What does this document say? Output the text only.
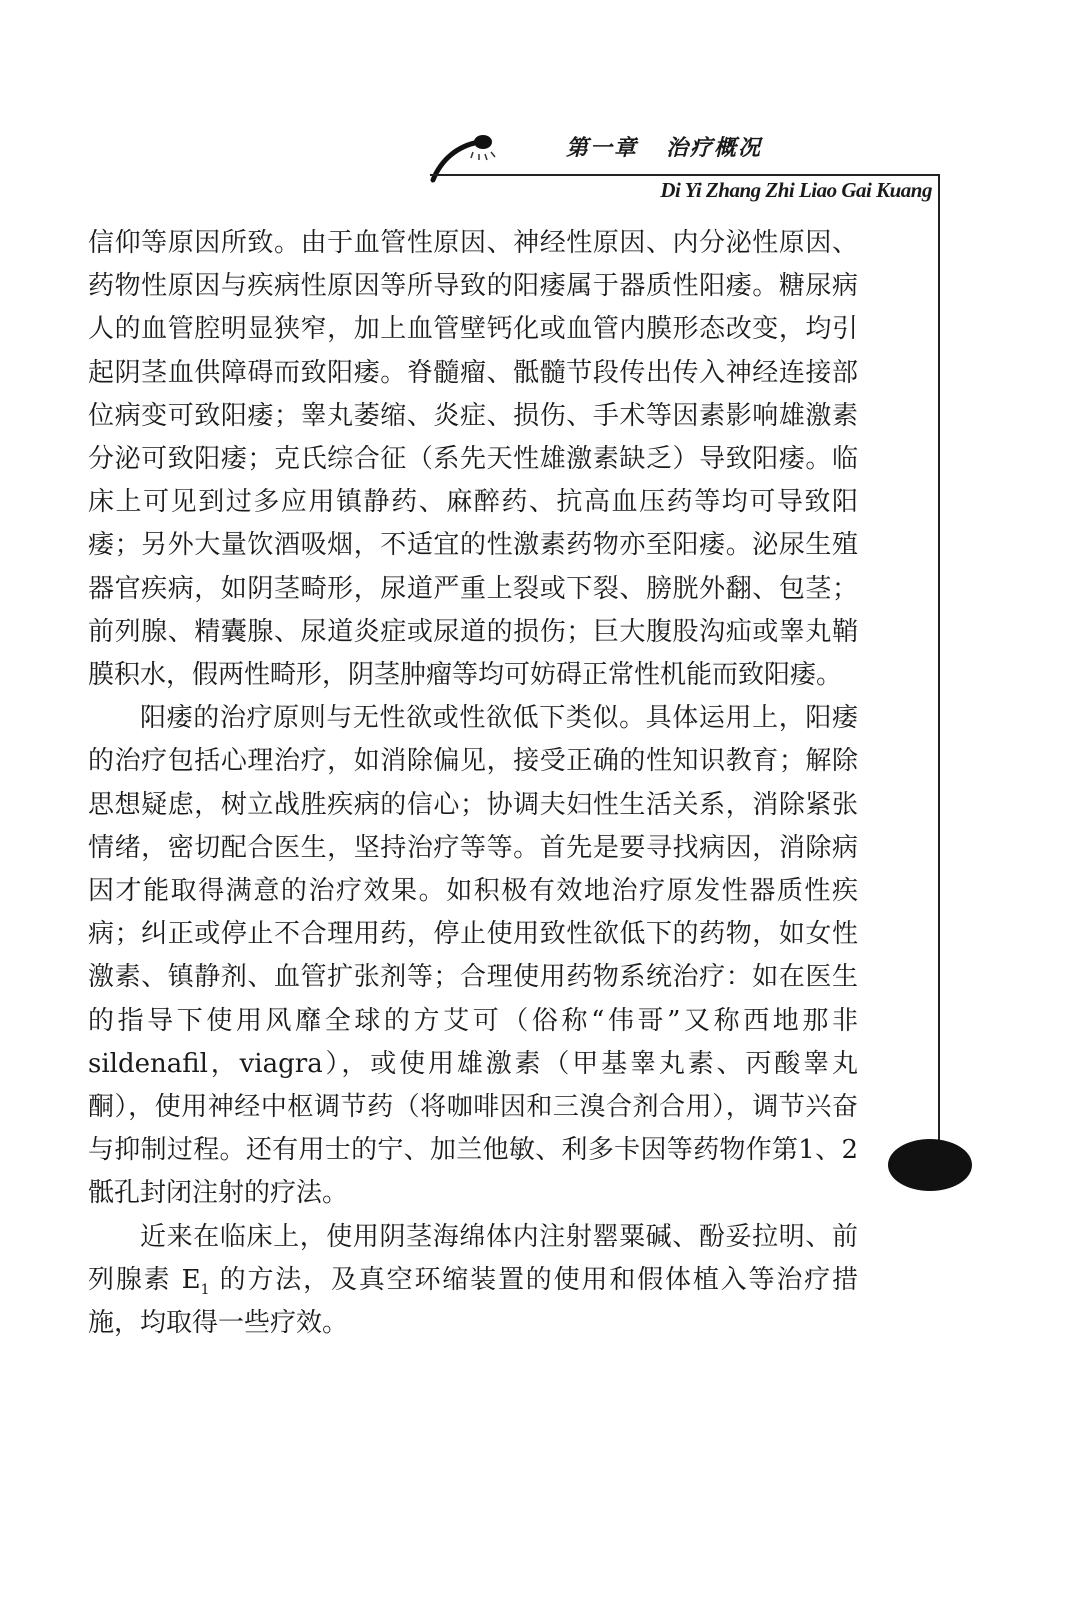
第一章 治疗概况
Di Yi Zhang Zhi Liao Gai Kuang

信仰等原因所致。由于血管性原因、神经性原因、内分泌性原因、药物性原因与疾病性原因等所导致的阳痿属于器质性阳痿。糖尿病人的血管腔明显狭窄，加上血管壁钙化或血管内膜形态改变，均引起阴茎血供障碍而致阳痿。脊髓瘤、骶髓节段传出传入神经连接部位病变可致阳痿；睾丸萎缩、炎症、损伤、手术等因素影响雄激素分泌可致阳痿；克氏综合征（系先天性雄激素缺乏）导致阳痿。临床上可见到过多应用镇静药、麻醉药、抗高血压药等均可导致阳痿；另外大量饮酒吸烟，不适宜的性激素药物亦至阳痿。泌尿生殖器官疾病，如阴茎畸形，尿道严重上裂或下裂、膀胱外翻、包茎；前列腺、精囊腺、尿道炎症或尿道的损伤；巨大腹股沟疝或睾丸鞘膜积水，假两性畸形，阴茎肿瘤等均可妨碍正常性机能而致阳痿。

阳痿的治疗原则与无性欲或性欲低下类似。具体运用上，阳痿的治疗包括心理治疗，如消除偏见，接受正确的性知识教育；解除思想疑虑，树立战胜疾病的信心；协调夫妇性生活关系，消除紧张情绪，密切配合医生，坚持治疗等等。首先是要寻找病因，消除病因才能取得满意的治疗效果。如积极有效地治疗原发性器质性疾病；纠正或停止不合理用药，停止使用致性欲低下的药物，如女性激素、镇静剂、血管扩张剂等；合理使用药物系统治疗：如在医生的指导下使用风靡全球的方艾可（俗称“伟哥”又称西地那非 sildenafil，viagra），或使用雄激素（甲基睾丸素、丙酸睾丸酮），使用神经中枢调节药（将咖啡因和三溴合剂合用），调节兴奋与抑制过程。还有用士的宁、加兰他敏、利多卡因等药物作第1、2骶孔封闭注射的疗法。

近来在临床上，使用阴茎海绵体内注射罂粟碱、酚妥拉明、前列腺素 $E_1$ 的方法，及真空环缩装置的使用和假体植入等治疗措施，均取得一些疗效。
